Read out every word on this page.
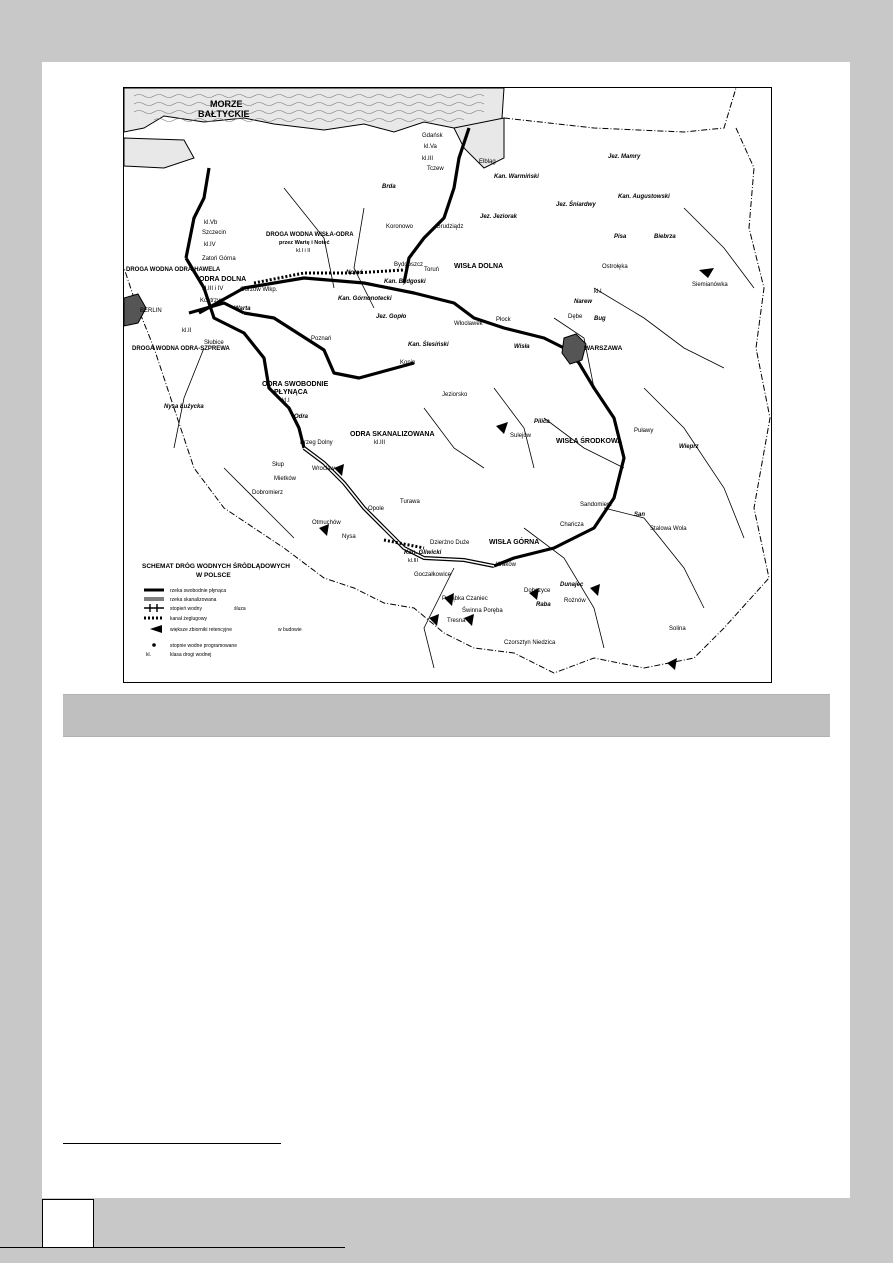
MORZE
BAŁTYCKIE
DROGA WODNA ODRA-HAWELA
DROGA WODNA ODRA-SZPREWA
ODRA DOLNA
kl.III i IV
DROGA WODNA WISŁA-ODRA
przez Wartę i Noteć
kl.I i II
ODRA SWOBODNIE
PŁYNĄCA
kl.I
ODRA SKANALIZOWANA
kl.III
WISŁA DOLNA
WISŁA ŚRODKOWA
WISŁA GÓRNA
Szczecin
Zatoń Górna
Kostrzyn
Gorzów Wlkp.
BERLIN
Słubice
Poznań
Bydgoszcz
Toruń
Gdańsk
Tczew
Elbląg
Grudziądz
Włocławek
Płock
WARSZAWA
Ostrołęka
Puławy
Sandomierz
Kraków
Opole
Wrocław
Brzeg Dolny
Nysa
Konin
Sulejów
Stalowa Wola
Solina
Jeziorsko
Dobczyce
Rożnów
Czorsztyn Niedzica
Goczałkowice
Siemianówka
Chańcza
Otmuchów
Turawa
Dobromierz
Mietków
Słup
Dzierżno Duże
Koronowo
Dębe
Porąbka Czaniec
Świnna Poręba
Tresna
Warta
Noteć
Odra
Nysa Łużycka
Wisła
Bug
Narew
Pilica
San
Wieprz
Biebrza
Pisa
Brda
Dunajec
Raba
Kan. Bydgoski
Kan. Górnonotecki
Kan. Ślesiński
Kan. Gliwicki
kl.III
Kan. Augustowski
Kan. Warmiński
Jez. Jeziorak
Jez. Śniardwy
Jez. Mamry
Jez. Gopło
kl.Vb
kl.IV
kl.II
kl.I
kl.III
kl.Va
SCHEMAT DRÓG WODNYCH ŚRÓDLĄDOWYCH
W POLSCE
rzeka swobodnie płynąca
rzeka skanalizowana
stopień wodny	śluza
kanał żeglugowy
większe zbiorniki retencyjne	w budowie
stopnie wodne programowane
kl.	klasa drogi wodnej
